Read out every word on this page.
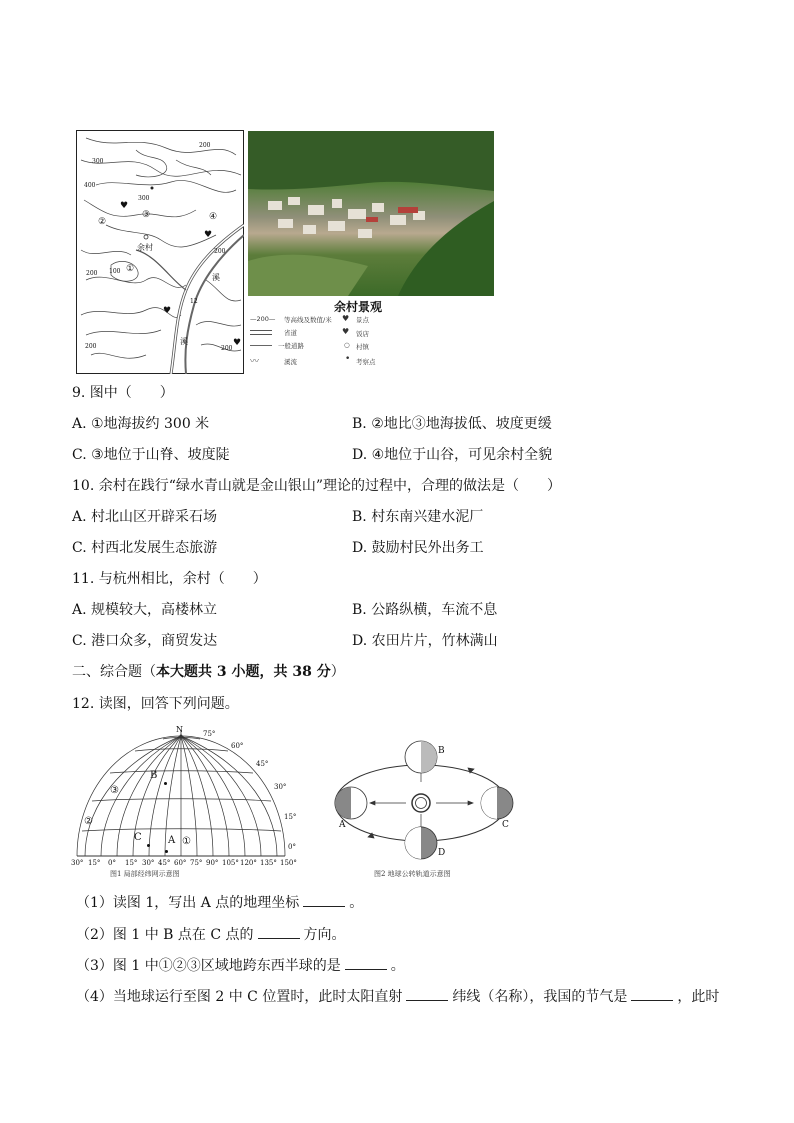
400
300
200
200
100
200
300
200	200
①
②
③	④
♥
♥
♥
♥
余村
溪
溪
12	余村景观
—200— 等高线及数值/米 ♥ 景点
省道	♥ 饭店
一般道路	○ 村镇
〰	溪流	• 考察点
9. 图中（　　）
A. ①地海拔约 300 米	B. ②地比③地海拔低、坡度更缓
C. ③地位于山脊、坡度陡	D. ④地位于山谷，可见余村全貌
10. 余村在践行“绿水青山就是金山银山”理论的过程中，合理的做法是（　　）
A. 村北山区开辟采石场	B. 村东南兴建水泥厂
C. 村西北发展生态旅游	D. 鼓励村民外出务工
11. 与杭州相比，余村（　　）
A. 规模较大，高楼林立	B. 公路纵横，车流不息
C. 港口众多，商贸发达	D. 农田片片，竹林满山
二、综合题（本大题共 3 小题，共 38 分）
12. 读图，回答下列问题。
N	75°
60°
45°
30°
15°
0°
30° 15° 0° 15° 30° 45° 60° 75° 90° 105° 120° 135° 150°
A
B
C	①
②
③
图1 局部经纬网示意图
A
B
C
D
图2 地球公转轨道示意图
（1）读图 1，写出 A 点的地理坐标	。
（2）图 1 中 B 点在 C 点的	方向。
（3）图 1 中①②③区域地跨东西半球的是	。
（4）当地球运行至图 2 中 C 位置时，此时太阳直射	纬线（名称），我国的节气是	，此时
